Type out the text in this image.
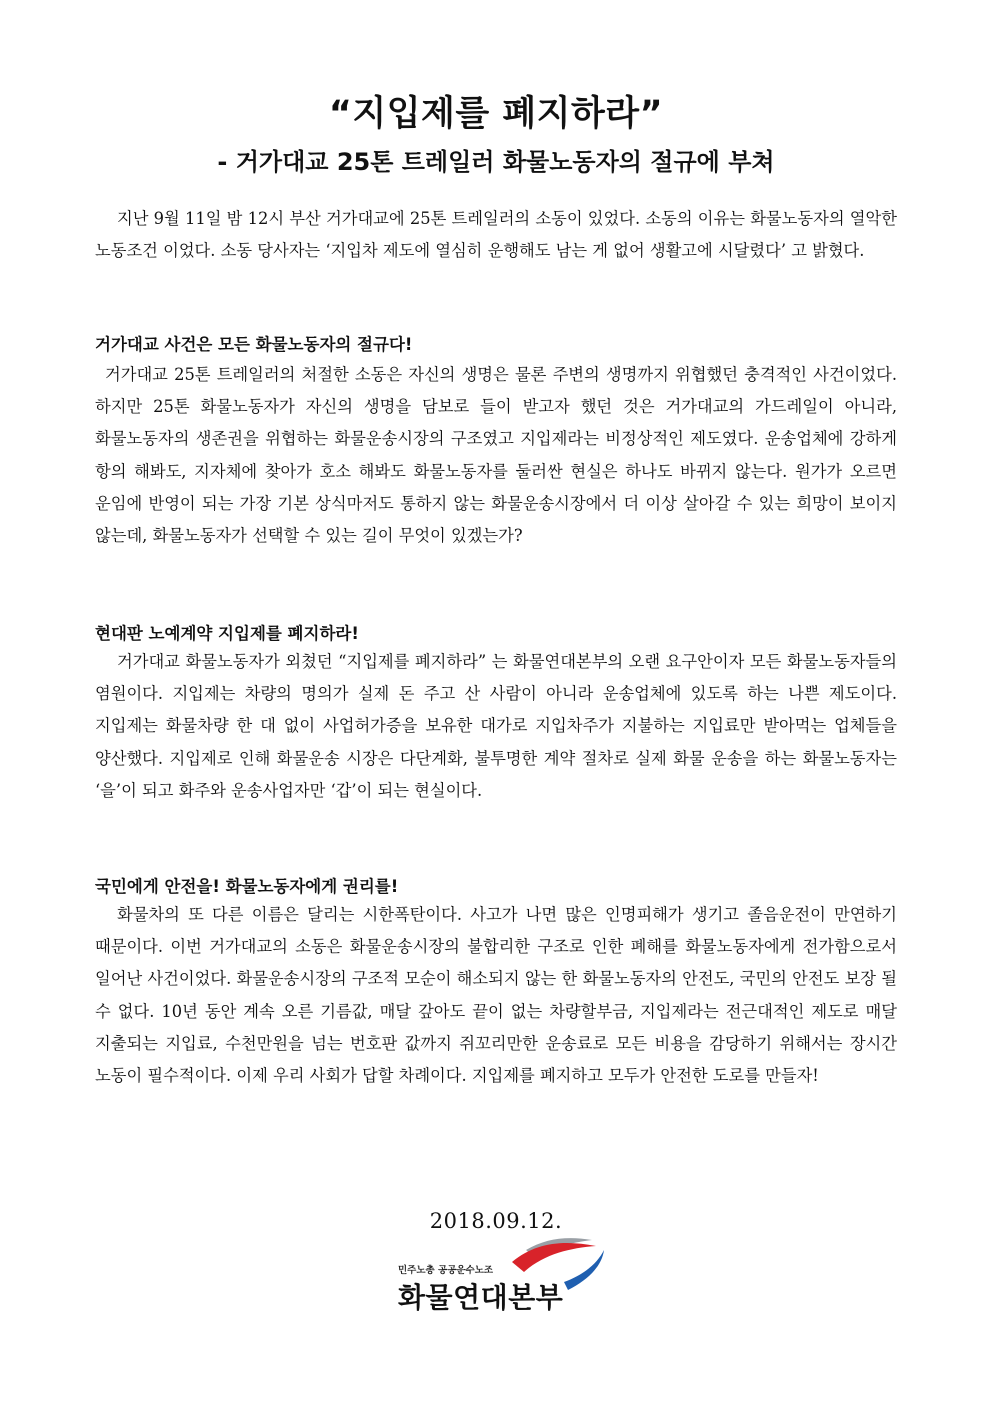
“지입제를 폐지하라”
- 거가대교 25톤 트레일러 화물노동자의 절규에 부쳐

지난 9월 11일 밤 12시 부산 거가대교에 25톤 트레일러의 소동이 있었다. 소동의 이유는 화물노동자의 열악한 노동조건 이었다. 소동 당사자는 ‘지입차 제도에 열심히 운행해도 남는 게 없어 생활고에 시달렸다’ 고 밝혔다.

거가대교 사건은 모든 화물노동자의 절규다!

거가대교 25톤 트레일러의 처절한 소동은 자신의 생명은 물론 주변의 생명까지 위협했던 충격적인 사건이었다. 하지만 25톤 화물노동자가 자신의 생명을 담보로 들이 받고자 했던 것은 거가대교의 가드레일이 아니라, 화물노동자의 생존권을 위협하는 화물운송시장의 구조였고 지입제라는 비정상적인 제도였다. 운송업체에 강하게 항의 해봐도, 지자체에 찾아가 호소 해봐도 화물노동자를 둘러싼 현실은 하나도 바뀌지 않는다. 원가가 오르면 운임에 반영이 되는 가장 기본 상식마저도 통하지 않는 화물운송시장에서 더 이상 살아갈 수 있는 희망이 보이지 않는데, 화물노동자가 선택할 수 있는 길이 무엇이 있겠는가?

현대판 노예계약 지입제를 폐지하라!

거가대교 화물노동자가 외쳤던 “지입제를 폐지하라” 는 화물연대본부의 오랜 요구안이자 모든 화물노동자들의 염원이다. 지입제는 차량의 명의가 실제 돈 주고 산 사람이 아니라 운송업체에 있도록 하는 나쁜 제도이다. 지입제는 화물차량 한 대 없이 사업허가증을 보유한 대가로 지입차주가 지불하는 지입료만 받아먹는 업체들을 양산했다. 지입제로 인해 화물운송 시장은 다단계화, 불투명한 계약 절차로 실제 화물 운송을 하는 화물노동자는 ‘을’이 되고 화주와 운송사업자만 ‘갑’이 되는 현실이다.

국민에게 안전을! 화물노동자에게 권리를!

화물차의 또 다른 이름은 달리는 시한폭탄이다. 사고가 나면 많은 인명피해가 생기고 졸음운전이 만연하기 때문이다. 이번 거가대교의 소동은 화물운송시장의 불합리한 구조로 인한 폐해를 화물노동자에게 전가함으로서 일어난 사건이었다. 화물운송시장의 구조적 모순이 해소되지 않는 한 화물노동자의 안전도, 국민의 안전도 보장 될 수 없다. 10년 동안 계속 오른 기름값, 매달 갚아도 끝이 없는 차량할부금, 지입제라는 전근대적인 제도로 매달 지출되는 지입료, 수천만원을 넘는 번호판 값까지 쥐꼬리만한 운송료로 모든 비용을 감당하기 위해서는 장시간 노동이 필수적이다. 이제 우리 사회가 답할 차례이다. 지입제를 폐지하고 모두가 안전한 도로를 만들자!

2018.09.12.

민주노총 공공운수노조
화물연대본부
